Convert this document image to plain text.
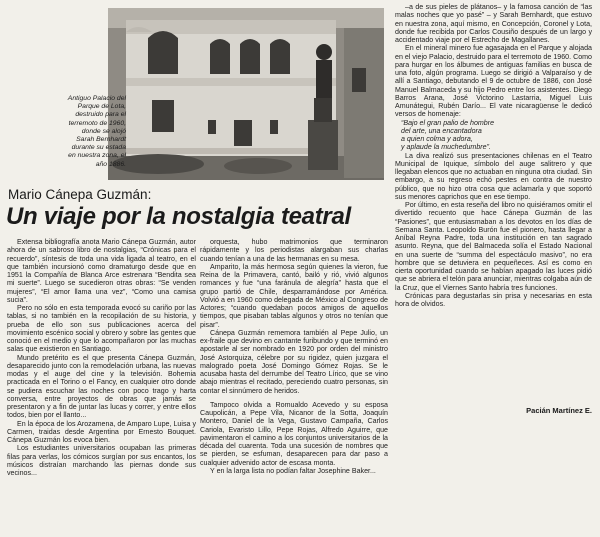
Antiguo Palacio del
Parque de Lota,
destruido para el
terremoto de 1960,
donde se alojó
Sarah Bernhardt
durante su estada
en nuestra zona, el
año 1886.
Mario Cánepa Guzmán:
Un viaje por la nostalgia teatral

Extensa bibliografía anota Mario Cánepa Guzmán, autor ahora de un sabroso libro de nostalgias, “Crónicas para el recuerdo”, síntesis de toda una vida ligada al teatro, en el que también incursionó como dramaturgo desde que en 1951 la Compañía de Blanca Arce estrenara “Bendita sea mi suerte”. Luego se sucedieron otras obras: “Se venden mujeres”, “El amor llama una vez”, “Como una camisa sucia”.

Pero no sólo en esta temporada evocó su cariño por las tablas, si no también en la recopilación de su historia, y prueba de ello son sus publicaciones acerca del movimiento escénico social y obrero y sobre las gentes que conoció en el medio y que lo acompañaron por las muchas salas que existieron en Santiago.

Mundo pretérito es el que presenta Cánepa Guzmán, desaparecido junto con la remodelación urbana, las nuevas modas y el auge del cine y la televisión. Bohemia practicada en el Torino o el Fancy, en cualquier otro donde se pudiera escuchar las noches con poco trago y harta conversa, entre proyectos de obras que jamás se presentaron y a fin de juntar las lucas y correr, y entre ellos todos, bien por el llanto...

En la época de los Arozamena, de Amparo Lupe, Luisa y Carmen, traidas desde Argentina por Ernesto Bouquet. Cánepa Guzmán los evoca bien.

Los estudiantes universitarios ocupaban las primeras filas para verlas, los cómicos surgían por sus encantos, los músicos distraían marchando las piernas donde sus vecinos...

orquesta, hubo matrimonios que terminaron rápidamente y los periodistas alargaban sus charlas cuando tenían a una de las hermanas en su mesa.

Amparito, la más hermosa según quienes la vieron, fue Reina de la Primavera, cantó, bailó y rió, vivió algunos romances y fue “una faránula de alegría” hasta que el grupo partió de Chile, desparramándose por América. Volvió a en 1960 como delegada de México al Congreso de Actores; “cuando quedaban pocos amigos de aquellos tiempos, que pisaban tablas algunos y otros no tenían que pisar”.

Cánepa Guzmán rememora también al Pepe Julio, un ex-fraile que devino en cantante furibundo y que terminó en apostarle al ser nombrado en 1920 por orden del ministro José Astorquiza, célebre por su rigidez, quien juzgara el malogrado poeta José Domingo Gómez Rojas. Se le acusaba hasta del derrumbe del Teatro Lírico, que se vino abajo mientras el recitado, pereciendo cuatro personas, sin contar el sinnúmero de heridos.

Tampoco olvida a Romualdo Acevedo y su esposa Caupolicán, a Pepe Vila, Nicanor de la Sotta, Joaquín Montero, Daniel de la Vega, Gustavo Campaña, Carlos Cariola, Evaristo Lillo, Pepe Rojas, Alfredo Aguirre, que pavimentaron el camino a los conjuntos universitarios de la década del cuarenta. Toda una sucesión de nombres que se pierden, se esfuman, desaparecen para dar paso a cualquier advenido actor de escasa monta.

Y en la larga lista no podían faltar Josephine Baker...

–a de sus pieles de plátanos– y la famosa canción de “las malas noches que yo pasé” – y Sarah Bernhardt, que estuvo en nuestra zona, aquí mismo, en Concepción, Coronel y Lota, donde fue recibida por Carlos Cousiño después de un largo y accidentado viaje por el Estrecho de Magallanes.

En el mineral minero fue agasajada en el Parque y alojada en el viejo Palacio, destruido para el terremoto de 1960. Como para hurgar en los álbumes de antiguas familias en busca de una foto, algún programa. Luego se dirigió a Valparaíso y de allí a Santiago, debutando el 9 de octubre de 1886, con José Manuel Balmaceda y su hijo Pedro entre los asistentes. Diego Barros Arana, José Victorino Lastarria, Miguel Luis Amunátegui, Rubén Darío... El vate nicaragüense le dedicó versos de homenaje:

“Bajo el gran palio de hombre

del arte, una encantadora

a quien colma y adora,

y aplaude la muchedumbre”.

La diva realizó sus presentaciones chilenas en el Teatro Municipal de Iquique, símbolo del auge salitrero y que llegaban elencos que no actuaban en ninguna otra ciudad. Sin embargo, a su regreso echó pestes en contra de nuestro público, que no hizo otra cosa que aclamarla y que soportó sus menores caprichos que en ese tiempo.

Por último, en esta reseña del libro no quisiéramos omitir el divertido recuento que hace Cánepa Guzmán de las “Pasiones”, que entusiasmaban a los devotos en los días de Semana Santa. Leopoldo Burón fue el pionero, hasta llegar a Aníbal Reyna Padre, toda una institución en tan sagrado asunto. Reyna, que del Balmaceda solía el Estado Nacional en una suerte de “summa del espectáculo masivo”, no era hombre que se detuviera en pequeñeces. Así es como en cierta oportunidad cuando se habían apagado las luces pidió que se abriera el telón para anunciar, mientras colgaba aún de la Cruz, que el Viernes Santo habría tres funciones.

Crónicas para degustarlas sin prisa y necesarias en esta hora de olvidos.

Pacián Martínez E.
